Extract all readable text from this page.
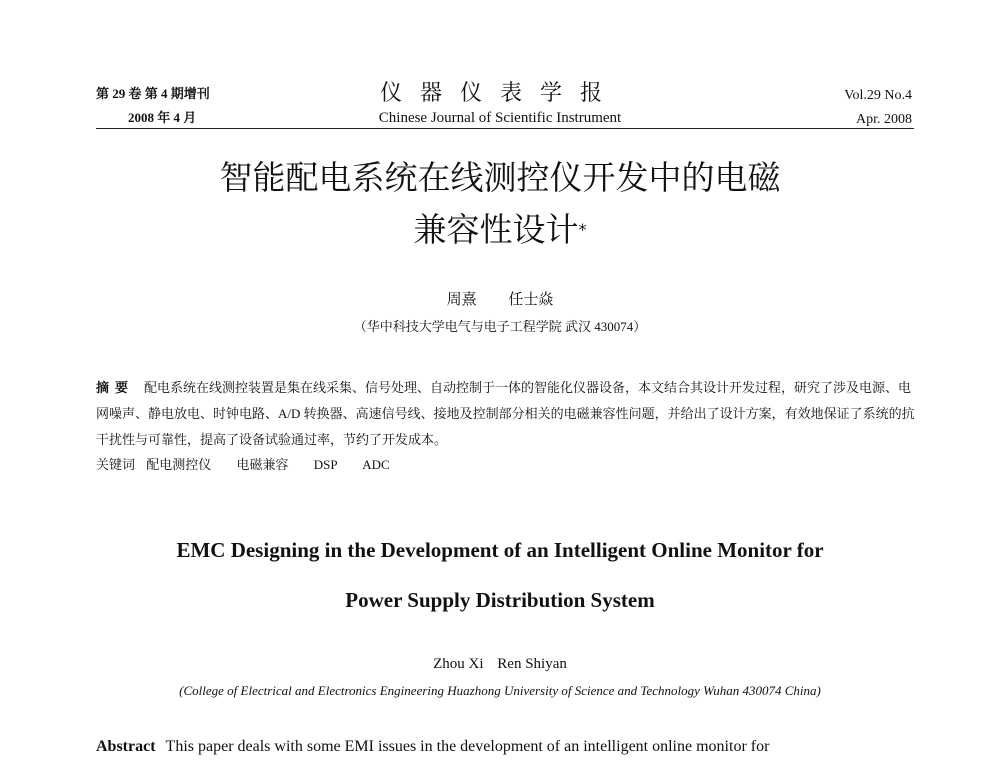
第 29 卷 第 4 期增刊
2008 年 4 月
仪器仪表学报
Chinese Journal of Scientific Instrument
Vol.29 No.4
Apr. 2008
智能配电系统在线测控仪开发中的电磁
兼容性设计*
周熹 任士焱
（华中科技大学电气与电子工程学院 武汉 430074）
摘要 配电系统在线测控装置是集在线采集、信号处理、自动控制于一体的智能化仪器设备，本文结合其设计开发过程，研究了涉及电源、电网噪声、静电放电、时钟电路、A/D 转换器、高速信号线、接地及控制部分相关的电磁兼容性问题，并给出了设计方案，有效地保证了系统的抗干扰性与可靠性，提高了设备试验通过率，节约了开发成本。
关键词 配电测控仪 电磁兼容 DSP ADC
EMC Designing in the Development of an Intelligent Online Monitor for
Power Supply Distribution System
Zhou Xi Ren Shiyan
(College of Electrical and Electronics Engineering Huazhong University of Science and Technology Wuhan 430074 China)
Abstract This paper deals with some EMI issues in the development of an intelligent online monitor for
